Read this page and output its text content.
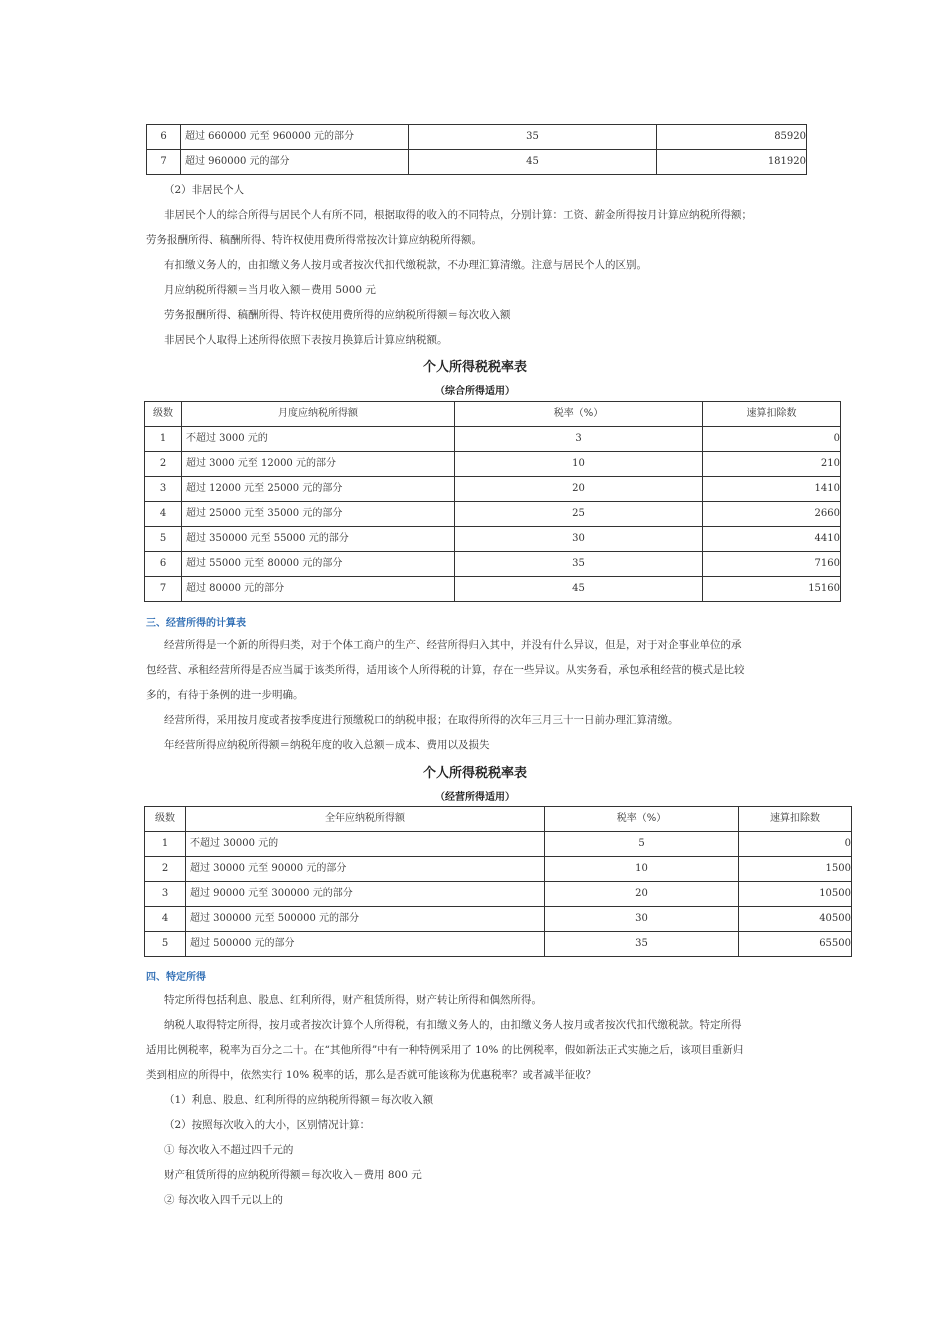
6	超过 660000 元至 960000 元的部分	35	85920
7	超过 960000 元的部分	45	181920
（2）非居民个人
非居民个人的综合所得与居民个人有所不同，根据取得的收入的不同特点，分别计算：工资、薪金所得按月计算应纳税所得额；
劳务报酬所得、稿酬所得、特许权使用费所得常按次计算应纳税所得额。
有扣缴义务人的，由扣缴义务人按月或者按次代扣代缴税款，不办理汇算清缴。注意与居民个人的区别。
月应纳税所得额＝当月收入额－费用 5000 元
劳务报酬所得、稿酬所得、特许权使用费所得的应纳税所得额＝每次收入额
非居民个人取得上述所得依照下表按月换算后计算应纳税额。
个人所得税税率表
（综合所得适用）
级数	月度应纳税所得额	税率（%）	速算扣除数
1	不超过 3000 元的	3	0
2	超过 3000 元至 12000 元的部分	10	210
3	超过 12000 元至 25000 元的部分	20	1410
4	超过 25000 元至 35000 元的部分	25	2660
5	超过 350000 元至 55000 元的部分	30	4410
6	超过 55000 元至 80000 元的部分	35	7160
7	超过 80000 元的部分	45	15160
三、经营所得的计算表
经营所得是一个新的所得归类，对于个体工商户的生产、经营所得归入其中，并没有什么异议，但是，对于对企事业单位的承
包经营、承租经营所得是否应当属于该类所得，适用该个人所得税的计算，存在一些异议。从实务看，承包承租经营的模式是比较
多的，有待于条例的进一步明确。
经营所得，采用按月度或者按季度进行预缴税口的纳税申报；在取得所得的次年三月三十一日前办理汇算清缴。
年经营所得应纳税所得额＝纳税年度的收入总额－成本、费用以及损失
个人所得税税率表
（经营所得适用）
级数	全年应纳税所得额	税率（%）	速算扣除数
1	不超过 30000 元的	5	0
2	超过 30000 元至 90000 元的部分	10	1500
3	超过 90000 元至 300000 元的部分	20	10500
4	超过 300000 元至 500000 元的部分	30	40500
5	超过 500000 元的部分	35	65500
四、特定所得
特定所得包括利息、股息、红利所得，财产租赁所得，财产转让所得和偶然所得。
纳税人取得特定所得，按月或者按次计算个人所得税，有扣缴义务人的，由扣缴义务人按月或者按次代扣代缴税款。特定所得
适用比例税率，税率为百分之二十。在“其他所得”中有一种特例采用了 10% 的比例税率，假如新法正式实施之后，该项目重新归
类到相应的所得中，依然实行 10% 税率的话，那么是否就可能该称为优惠税率？或者减半征收？
（1）利息、股息、红利所得的应纳税所得额＝每次收入额
（2）按照每次收入的大小，区别情况计算：
① 每次收入不超过四千元的
财产租赁所得的应纳税所得额＝每次收入－费用 800 元
② 每次收入四千元以上的
